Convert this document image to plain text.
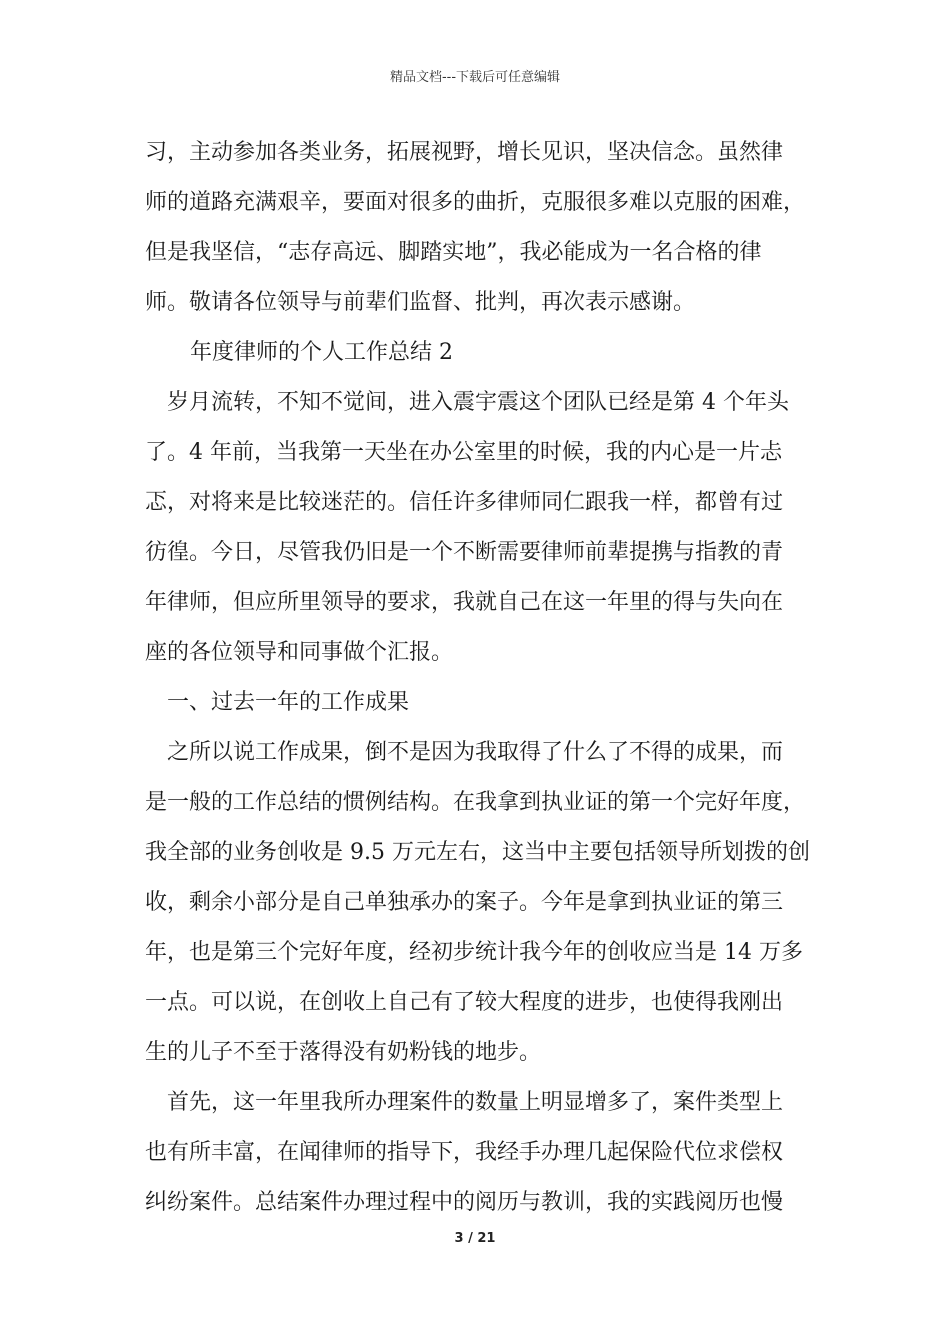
精品文档---下载后可任意编辑
习，主动参加各类业务，拓展视野，增长见识，坚决信念。虽然律
师的道路充满艰辛，要面对很多的曲折，克服很多难以克服的困难，
但是我坚信，“志存高远、脚踏实地”，我必能成为一名合格的律
师。敬请各位领导与前辈们监督、批判，再次表示感谢。
年度律师的个人工作总结 2
岁月流转，不知不觉间，进入震宇震这个团队已经是第 4 个年头
了。4 年前，当我第一天坐在办公室里的时候，我的内心是一片忐
忑，对将来是比较迷茫的。信任许多律师同仁跟我一样，都曾有过
彷徨。今日，尽管我仍旧是一个不断需要律师前辈提携与指教的青
年律师，但应所里领导的要求，我就自己在这一年里的得与失向在
座的各位领导和同事做个汇报。
一、过去一年的工作成果
之所以说工作成果，倒不是因为我取得了什么了不得的成果，而
是一般的工作总结的惯例结构。在我拿到执业证的第一个完好年度，
我全部的业务创收是 9.5 万元左右，这当中主要包括领导所划拨的创
收，剩余小部分是自己单独承办的案子。今年是拿到执业证的第三
年，也是第三个完好年度，经初步统计我今年的创收应当是 14 万多
一点。可以说，在创收上自己有了较大程度的进步，也使得我刚出
生的儿子不至于落得没有奶粉钱的地步。
首先，这一年里我所办理案件的数量上明显增多了，案件类型上
也有所丰富，在闻律师的指导下，我经手办理几起保险代位求偿权
纠纷案件。总结案件办理过程中的阅历与教训，我的实践阅历也慢
3 / 21
